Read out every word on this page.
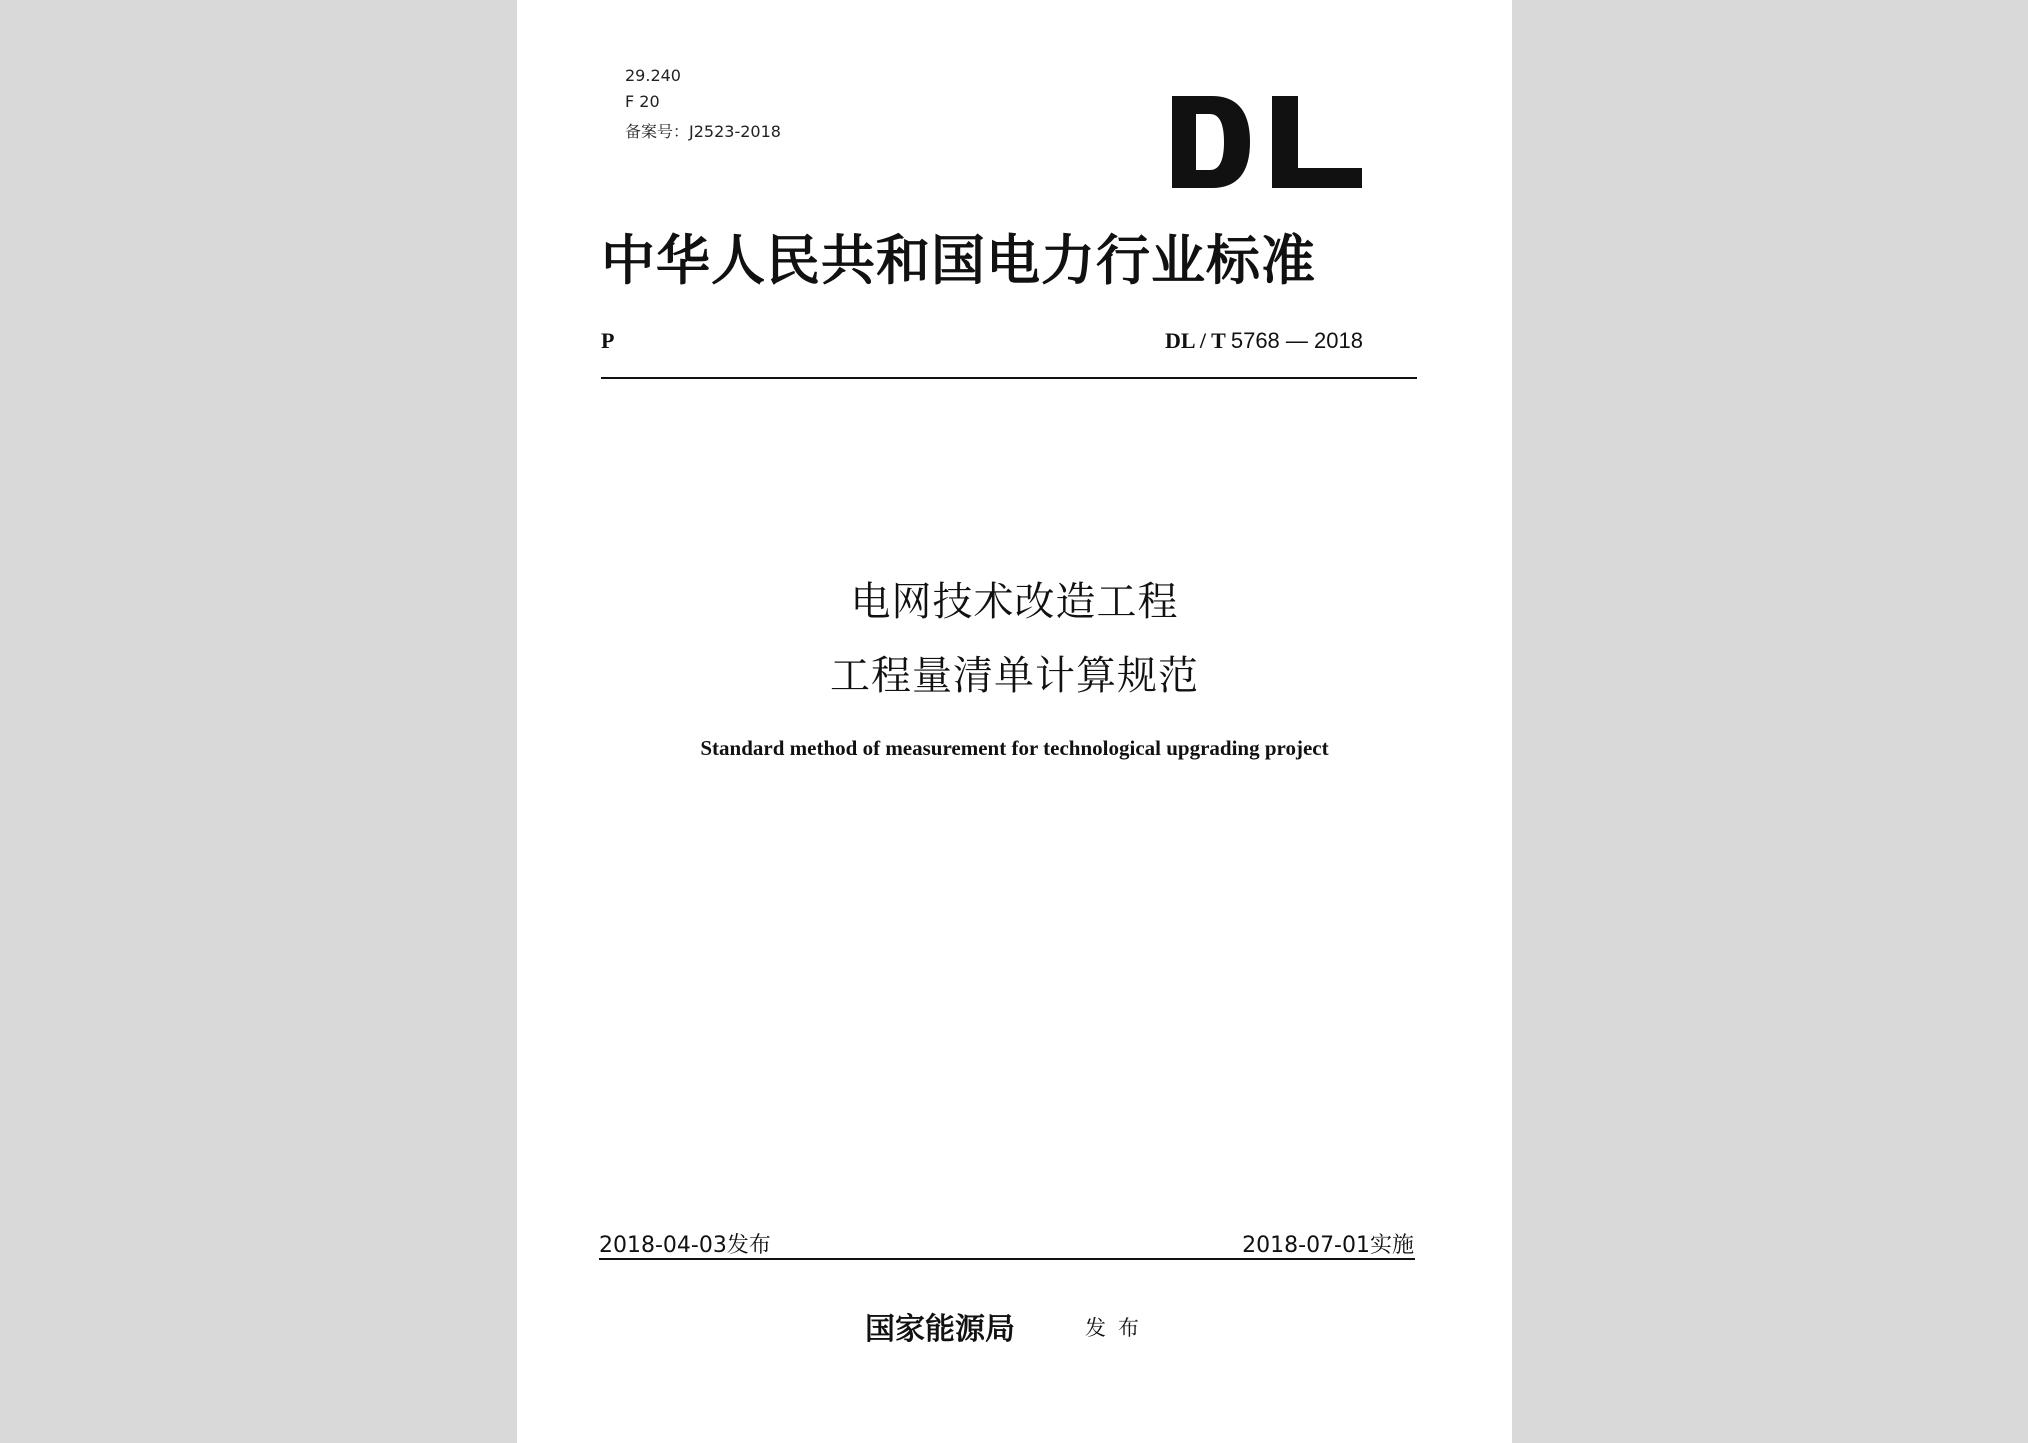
29.240
F 20
备案号：J2523-2018
中华人民共和国电力行业标准
P	DL / T 5768 — 2018
电网技术改造工程
工程量清单计算规范
Standard method of measurement for technological upgrading project
2018-04-03发布	2018-07-01实施
国家能源局	发布
